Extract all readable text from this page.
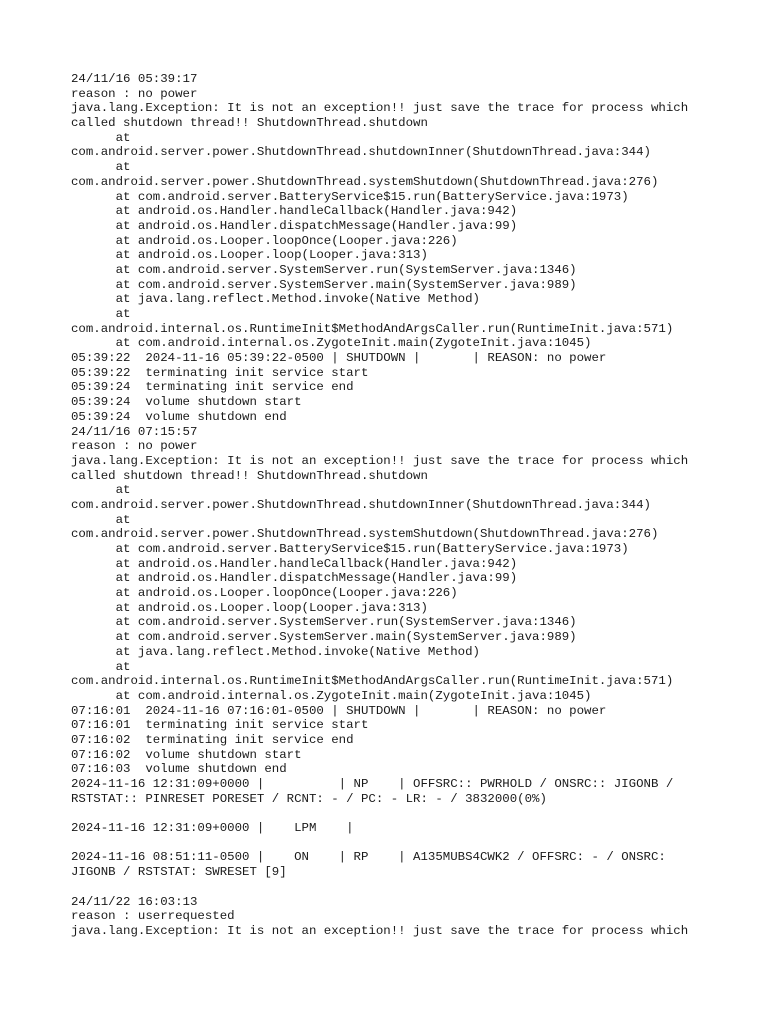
24/11/16 05:39:17
reason : no power
java.lang.Exception: It is not an exception!! just save the trace for process which
called shutdown thread!! ShutdownThread.shutdown
at
com.android.server.power.ShutdownThread.shutdownInner(ShutdownThread.java:344)
at
com.android.server.power.ShutdownThread.systemShutdown(ShutdownThread.java:276)
at com.android.server.BatteryService$15.run(BatteryService.java:1973)
at android.os.Handler.handleCallback(Handler.java:942)
at android.os.Handler.dispatchMessage(Handler.java:99)
at android.os.Looper.loopOnce(Looper.java:226)
at android.os.Looper.loop(Looper.java:313)
at com.android.server.SystemServer.run(SystemServer.java:1346)
at com.android.server.SystemServer.main(SystemServer.java:989)
at java.lang.reflect.Method.invoke(Native Method)
at
com.android.internal.os.RuntimeInit$MethodAndArgsCaller.run(RuntimeInit.java:571)
at com.android.internal.os.ZygoteInit.main(ZygoteInit.java:1045)
05:39:22  2024-11-16 05:39:22-0500 | SHUTDOWN |       | REASON: no power
05:39:22  terminating init service start
05:39:24  terminating init service end
05:39:24  volume shutdown start
05:39:24  volume shutdown end
24/11/16 07:15:57
reason : no power
java.lang.Exception: It is not an exception!! just save the trace for process which
called shutdown thread!! ShutdownThread.shutdown
at
com.android.server.power.ShutdownThread.shutdownInner(ShutdownThread.java:344)
at
com.android.server.power.ShutdownThread.systemShutdown(ShutdownThread.java:276)
at com.android.server.BatteryService$15.run(BatteryService.java:1973)
at android.os.Handler.handleCallback(Handler.java:942)
at android.os.Handler.dispatchMessage(Handler.java:99)
at android.os.Looper.loopOnce(Looper.java:226)
at android.os.Looper.loop(Looper.java:313)
at com.android.server.SystemServer.run(SystemServer.java:1346)
at com.android.server.SystemServer.main(SystemServer.java:989)
at java.lang.reflect.Method.invoke(Native Method)
at
com.android.internal.os.RuntimeInit$MethodAndArgsCaller.run(RuntimeInit.java:571)
at com.android.internal.os.ZygoteInit.main(ZygoteInit.java:1045)
07:16:01  2024-11-16 07:16:01-0500 | SHUTDOWN |       | REASON: no power
07:16:01  terminating init service start
07:16:02  terminating init service end
07:16:02  volume shutdown start
07:16:03  volume shutdown end
2024-11-16 12:31:09+0000 |          | NP    | OFFSRC:: PWRHOLD / ONSRC:: JIGONB /
RSTSTAT:: PINRESET PORESET / RCNT: - / PC: - LR: - / 3832000(0%)
2024-11-16 12:31:09+0000 |    LPM    |
2024-11-16 08:51:11-0500 |    ON    | RP    | A135MUBS4CWK2 / OFFSRC: - / ONSRC:
JIGONB / RSTSTAT: SWRESET [9]
24/11/22 16:03:13
reason : userrequested
java.lang.Exception: It is not an exception!! just save the trace for process which
